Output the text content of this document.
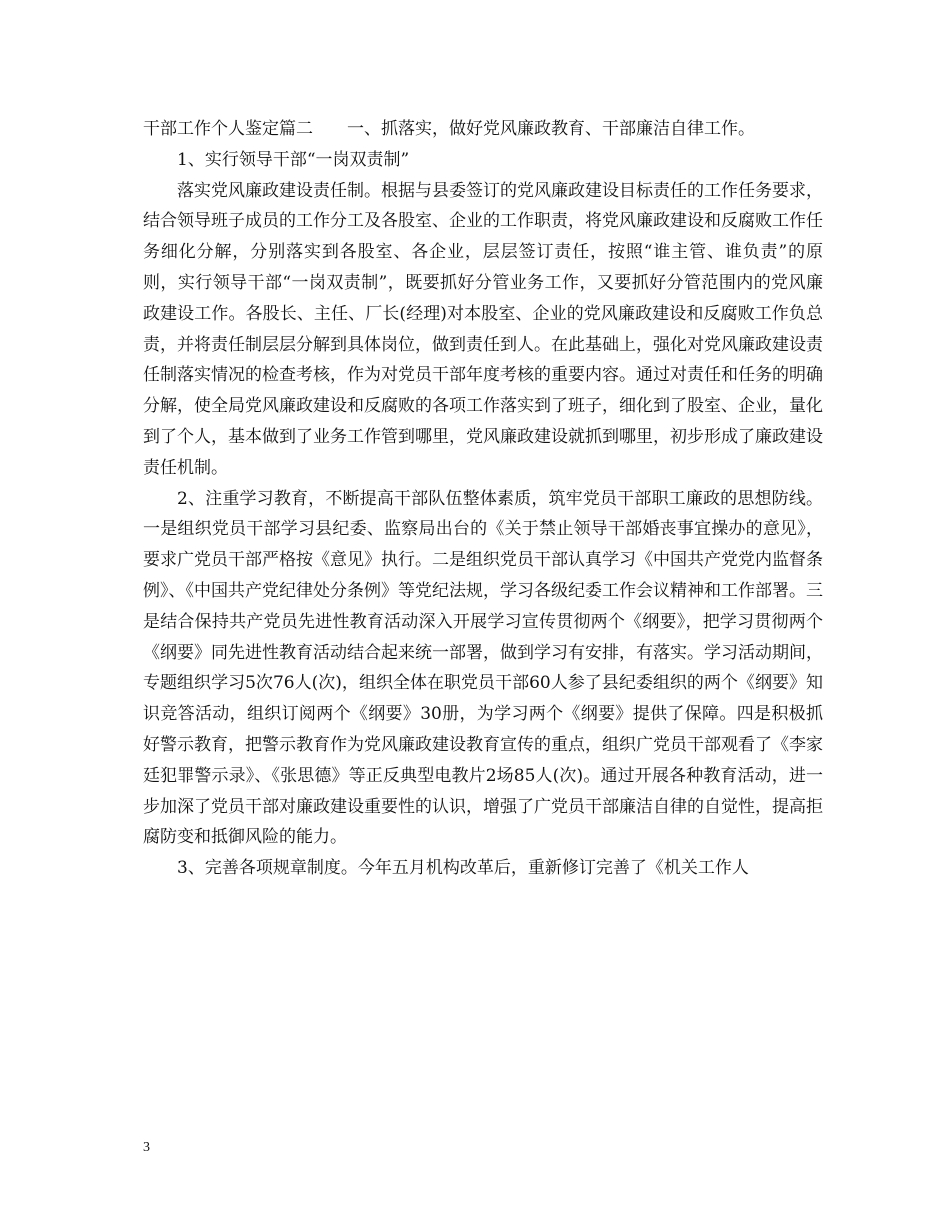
干部工作个人鉴定篇二　　一、抓落实，做好党风廉政教育、干部廉洁自律工作。

1、实行领导干部“一岗双责制”

落实党风廉政建设责任制。根据与县委签订的党风廉政建设目标责任的工作任务要求，结合领导班子成员的工作分工及各股室、企业的工作职责，将党风廉政建设和反腐败工作任务细化分解，分别落实到各股室、各企业，层层签订责任，按照“谁主管、谁负责”的原则，实行领导干部“一岗双责制”，既要抓好分管业务工作，又要抓好分管范围内的党风廉政建设工作。各股长、主任、厂长(经理)对本股室、企业的党风廉政建设和反腐败工作负总责，并将责任制层层分解到具体岗位，做到责任到人。在此基础上，强化对党风廉政建设责任制落实情况的检查考核，作为对党员干部年度考核的重要内容。通过对责任和任务的明确分解，使全局党风廉政建设和反腐败的各项工作落实到了班子，细化到了股室、企业，量化到了个人，基本做到了业务工作管到哪里，党风廉政建设就抓到哪里，初步形成了廉政建设责任机制。

2、注重学习教育，不断提高干部队伍整体素质，筑牢党员干部职工廉政的思想防线。一是组织党员干部学习县纪委、监察局出台的《关于禁止领导干部婚丧事宜操办的意见》，要求广党员干部严格按《意见》执行。二是组织党员干部认真学习《中国共产党党内监督条例》、《中国共产党纪律处分条例》等党纪法规，学习各级纪委工作会议精神和工作部署。三是结合保持共产党员先进性教育活动深入开展学习宣传贯彻两个《纲要》，把学习贯彻两个《纲要》同先进性教育活动结合起来统一部署，做到学习有安排，有落实。学习活动期间，专题组织学习5次76人(次)，组织全体在职党员干部60人参了县纪委组织的两个《纲要》知识竞答活动，组织订阅两个《纲要》30册，为学习两个《纲要》提供了保障。四是积极抓好警示教育，把警示教育作为党风廉政建设教育宣传的重点，组织广党员干部观看了《李家廷犯罪警示录》、《张思德》等正反典型电教片2场85人(次)。通过开展各种教育活动，进一步加深了党员干部对廉政建设重要性的认识，增强了广党员干部廉洁自律的自觉性，提高拒腐防变和抵御风险的能力。

3、完善各项规章制度。今年五月机构改革后，重新修订完善了《机关工作人

3
